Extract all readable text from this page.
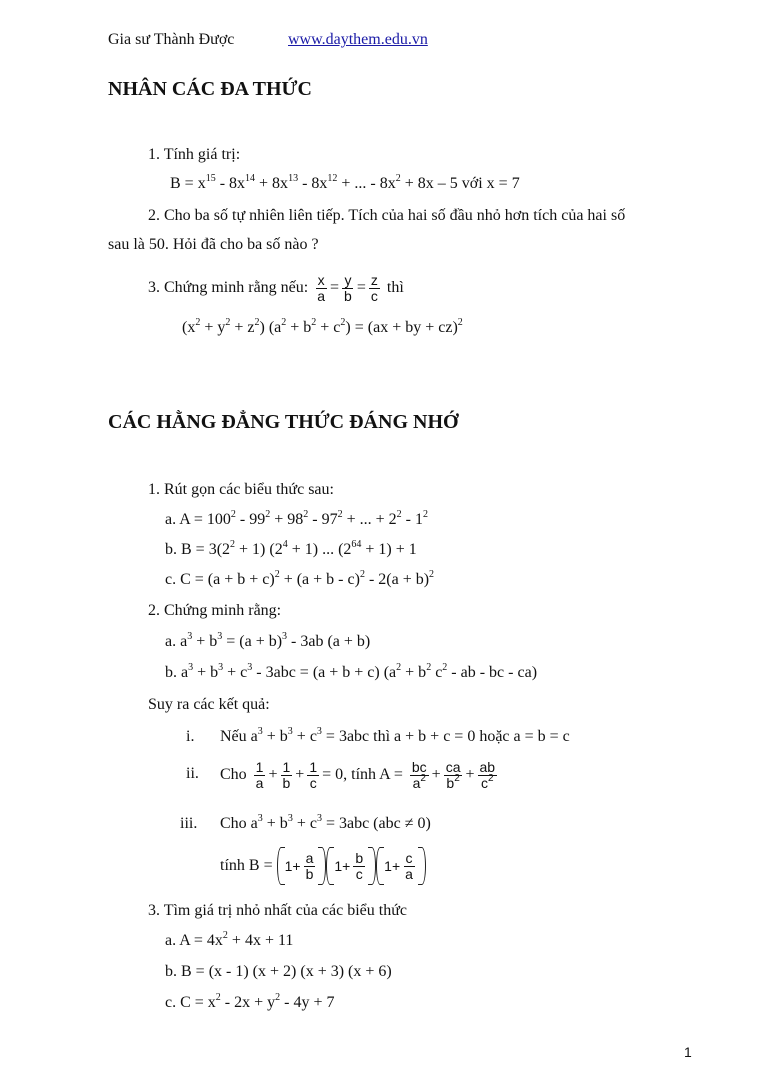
Gia sư Thành Được	www.daythem.edu.vn
NHÂN CÁC ĐA THỨC
1. Tính giá trị:
$B = x^{15} - 8x^{14} + 8x^{13} - 8x^{12}$ + ... - $8x^2 + 8x - 5$ với x = 7
2. Cho ba số tự nhiên liên tiếp. Tích của hai số đầu nhỏ hơn tích của hai số
sau là 50. Hỏi đã cho ba số nào ?
3. Chứng minh rằng nếu: $\frac{x}{a} = \frac{y}{b} = \frac{z}{c}$ thì
$(x^2 + y^2 + z^2) (a^2 + b^2 + c^2) = (ax$ + by + cz)$^2$
CÁC HẰNG ĐẲNG THỨC ĐÁNG NHỚ
1. Rút gọn các biểu thức sau:
a. $A = 100^2 - 99^2 + 98^2 - 97^2$ + ... + $2^2 - 1^2$
b. $B = 3(2^2 + 1) (2^4 + 1)$ ... $(2^{64} + 1) + 1$
c. $C = (a + b + c)^2 + (a + b - c)^2 - 2(a + b)^2$
2. Chứng minh rằng:
a. $a^3 + b^3 = (a + b)^3 - 3ab$ (a + b)
b. $a^3 + b^3 + c^3 - 3abc = (a + b + c) (a^2 + b^2$ $c^2$ - ab - bc - ca)
Suy ra các kết quả:
i. Nếu $a^3 + b^3 + c^3 = 3abc$ thì a + b + c = 0 hoặc a = b = c
ii. Cho $\frac{1}{a} + \frac{1}{b} + \frac{1}{c} = 0$, tính $A = \frac{bc}{a^2} + \frac{ca}{b^2} + \frac{ab}{c^2}$
iii. Cho $a^3 + b^3 + c^3 = 3abc$ (abc ≠ 0)
tính $B = 1 + \frac{a}{b} 1 + \frac{b}{c} 1 + \frac{c}{a}$
3. Tìm giá trị nhỏ nhất của các biểu thức
a. $A = 4x^2 + 4x + 11$
b. B = (x - 1) (x + 2) (x + 3) (x + 6)
c. $C = x^2 - 2x + y^2 - 4y + 7$
1
